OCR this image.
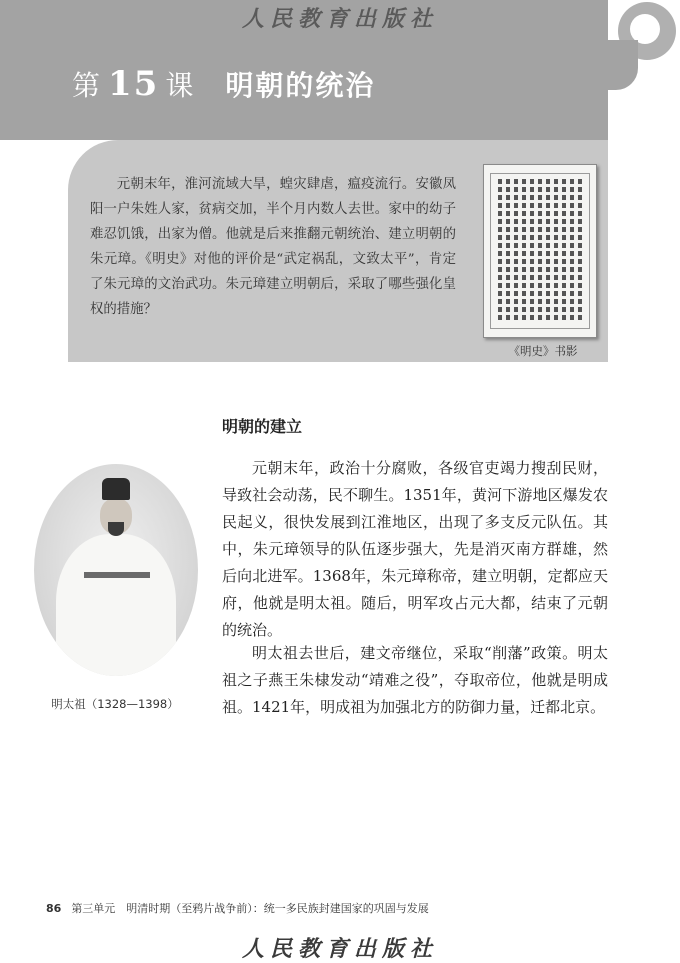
人民教育出版社
第 15 课 明朝的统治
元朝末年，淮河流域大旱，蝗灾肆虐，瘟疫流行。安徽凤阳一户朱姓人家，贫病交加，半个月内数人去世。家中的幼子难忍饥饿，出家为僧。他就是后来推翻元朝统治、建立明朝的朱元璋。《明史》对他的评价是“武定祸乱，文致太平”，肯定了朱元璋的文治武功。朱元璋建立明朝后，采取了哪些强化皇权的措施？
《明史》书影
明朝的建立
明太祖（1328—1398）
元朝末年，政治十分腐败，各级官吏竭力搜刮民财，导致社会动荡，民不聊生。1351年，黄河下游地区爆发农民起义，很快发展到江淮地区，出现了多支反元队伍。其中，朱元璋领导的队伍逐步强大，先是消灭南方群雄，然后向北进军。1368年，朱元璋称帝，建立明朝，定都应天府，他就是明太祖。随后，明军攻占元大都，结束了元朝的统治。
明太祖去世后，建文帝继位，采取“削藩”政策。明太祖之子燕王朱棣发动“靖难之役”，夺取帝位，他就是明成祖。1421年，明成祖为加强北方的防御力量，迁都北京。
86 第三单元　明清时期（至鸦片战争前）：统一多民族封建国家的巩固与发展
人民教育出版社
